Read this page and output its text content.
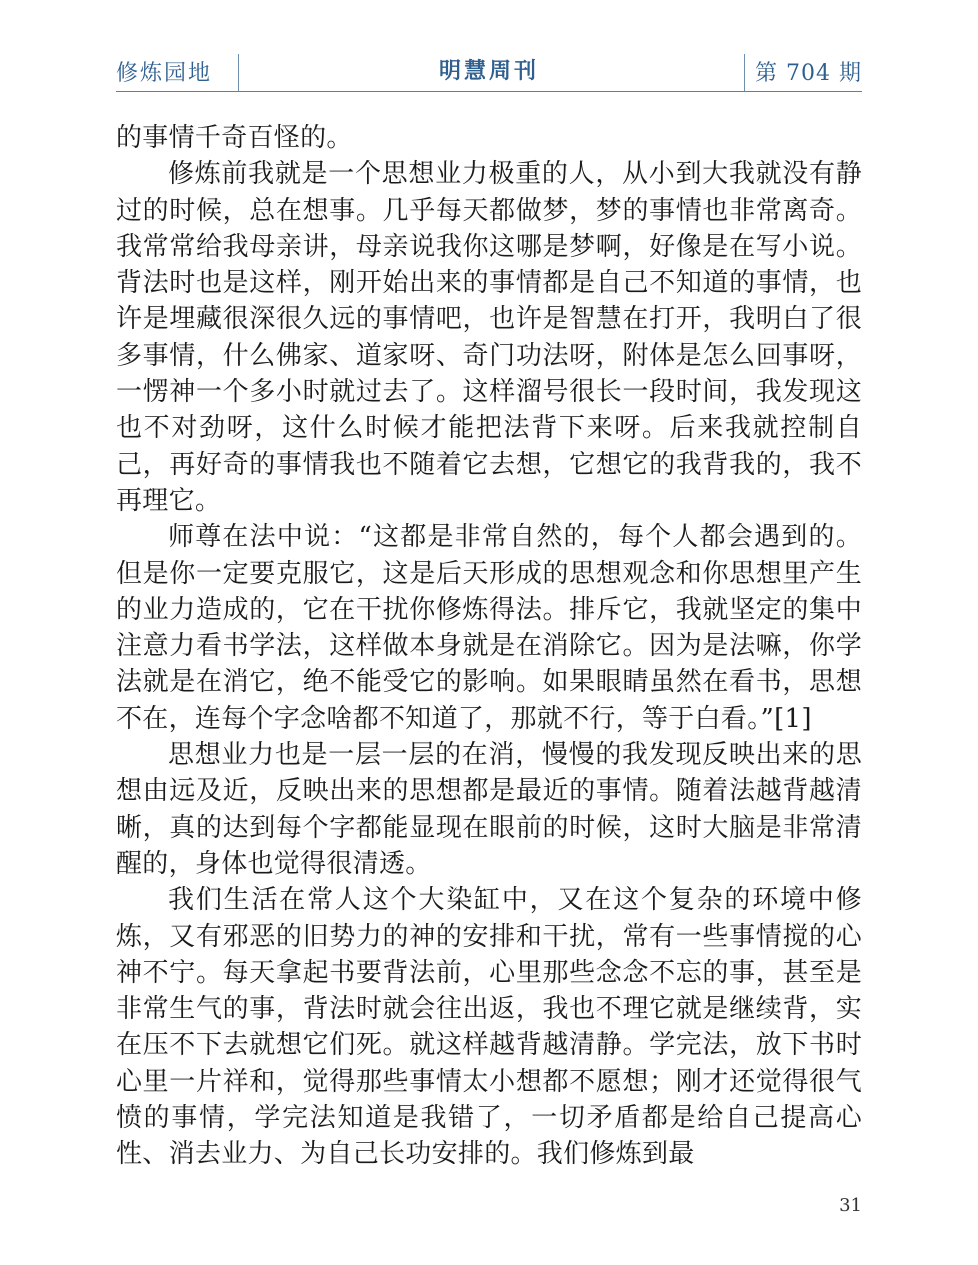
修炼园地	明慧周刊	第 704 期

的事情千奇百怪的。

修炼前我就是一个思想业力极重的人，从小到大我就没有静过的时候，总在想事。几乎每天都做梦，梦的事情也非常离奇。我常常给我母亲讲，母亲说我你这哪是梦啊，好像是在写小说。背法时也是这样，刚开始出来的事情都是自己不知道的事情，也许是埋藏很深很久远的事情吧，也许是智慧在打开，我明白了很多事情，什么佛家、道家呀、奇门功法呀，附体是怎么回事呀，一愣神一个多小时就过去了。这样溜号很长一段时间，我发现这也不对劲呀，这什么时候才能把法背下来呀。后来我就控制自己，再好奇的事情我也不随着它去想，它想它的我背我的，我不再理它。

师尊在法中说：“这都是非常自然的，每个人都会遇到的。但是你一定要克服它，这是后天形成的思想观念和你思想里产生的业力造成的，它在干扰你修炼得法。排斥它，我就坚定的集中注意力看书学法，这样做本身就是在消除它。因为是法嘛，你学法就是在消它，绝不能受它的影响。如果眼睛虽然在看书，思想不在，连每个字念啥都不知道了，那就不行，等于白看。”[1]

思想业力也是一层一层的在消，慢慢的我发现反映出来的思想由远及近，反映出来的思想都是最近的事情。随着法越背越清晰，真的达到每个字都能显现在眼前的时候，这时大脑是非常清醒的，身体也觉得很清透。

我们生活在常人这个大染缸中，又在这个复杂的环境中修炼，又有邪恶的旧势力的神的安排和干扰，常有一些事情搅的心神不宁。每天拿起书要背法前，心里那些念念不忘的事，甚至是非常生气的事，背法时就会往出返，我也不理它就是继续背，实在压不下去就想它们死。就这样越背越清静。学完法，放下书时心里一片祥和，觉得那些事情太小想都不愿想；刚才还觉得很气愤的事情，学完法知道是我错了，一切矛盾都是给自己提高心性、消去业力、为自己长功安排的。我们修炼到最

31
